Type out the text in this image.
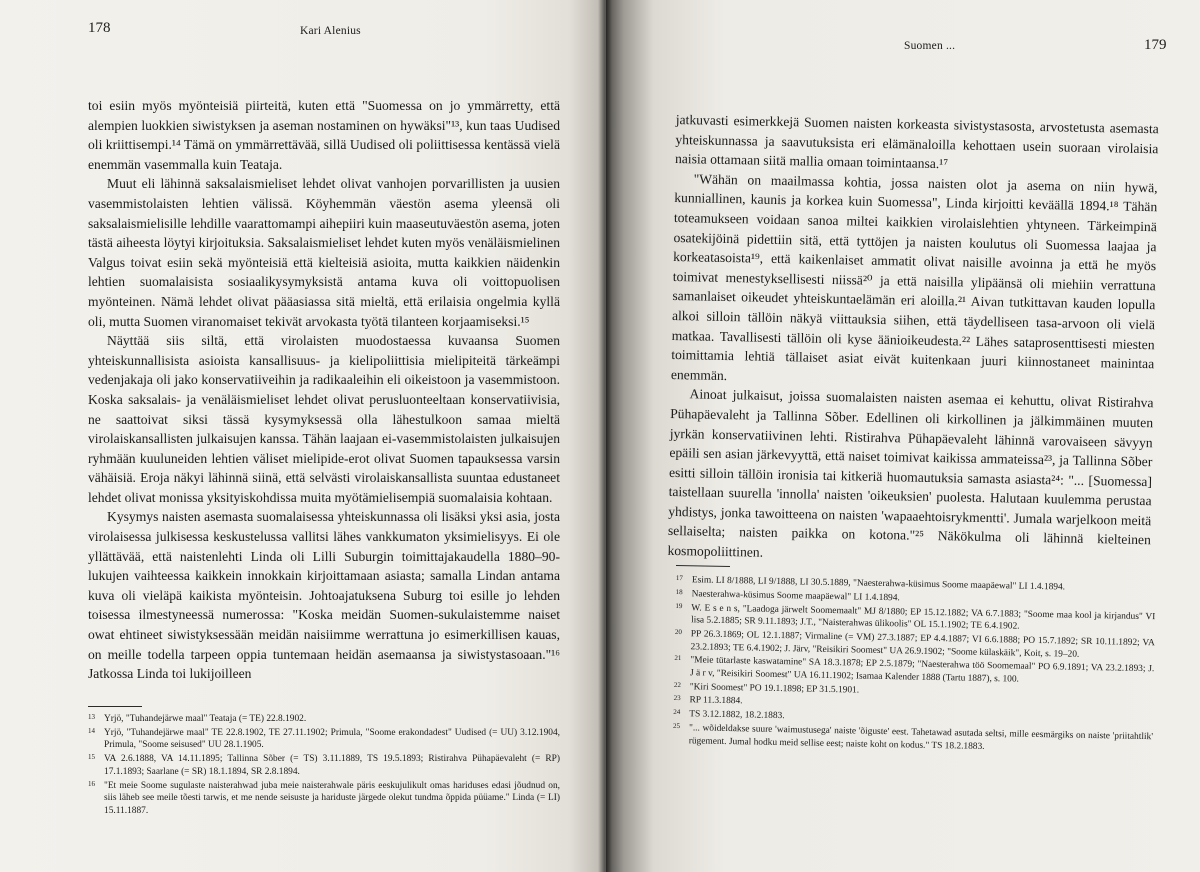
178	Kari Alenius

toi esiin myös myönteisiä piirteitä, kuten että "Suomessa on jo ymmärretty, että alempien luokkien siwistyksen ja aseman nostaminen on hywäksi"¹³, kun taas Uudised oli kriittisempi.¹⁴ Tämä on ymmärrettävää, sillä Uudised oli poliittisessa kentässä vielä enemmän vasemmalla kuin Teataja.

Muut eli lähinnä saksalaismieliset lehdet olivat vanhojen porvarillisten ja uusien vasemmistolaisten lehtien välissä. Köyhemmän väestön asema yleensä oli saksalaismielisille lehdille vaarattomampi aihepiiri kuin maaseutuväestön asema, joten tästä aiheesta löytyi kirjoituksia. Saksalaismieliset lehdet kuten myös venäläismielinen Valgus toivat esiin sekä myönteisiä että kielteisiä asioita, mutta kaikkien näidenkin lehtien suomalaisista sosiaalikysymyksistä antama kuva oli voittopuolisen myönteinen. Nämä lehdet olivat pääasiassa sitä mieltä, että erilaisia ongelmia kyllä oli, mutta Suomen viranomaiset tekivät arvokasta työtä tilanteen korjaamiseksi.¹⁵

Näyttää siis siltä, että virolaisten muodostaessa kuvaansa Suomen yhteiskunnallisista asioista kansallisuus- ja kielipoliittisia mielipiteitä tärkeämpi vedenjakaja oli jako konservatiiveihin ja radikaaleihin eli oikeistoon ja vasemmistoon. Koska saksalais- ja venäläismieliset lehdet olivat perusluonteeltaan konservatiivisia, ne saattoivat siksi tässä kysymyksessä olla lähestulkoon samaa mieltä virolaiskansallisten julkaisujen kanssa. Tähän laajaan ei-vasemmistolaisten julkaisujen ryhmään kuuluneiden lehtien väliset mielipide-erot olivat Suomen tapauksessa varsin vähäisiä. Eroja näkyi lähinnä siinä, että selvästi virolaiskansallista suuntaa edustaneet lehdet olivat monissa yksityiskohdissa muita myötämielisempiä suomalaisia kohtaan.

Kysymys naisten asemasta suomalaisessa yhteiskunnassa oli lisäksi yksi asia, josta virolaisessa julkisessa keskustelussa vallitsi lähes vankkumaton yksimielisyys. Ei ole yllättävää, että naistenlehti Linda oli Lilli Suburgin toimittajakaudella 1880–90-lukujen vaihteessa kaikkein innokkain kirjoittamaan asiasta; samalla Lindan antama kuva oli vieläpä kaikista myönteisin. Johtoajatuksena Suburg toi esille jo lehden toisessa ilmestyneessä numerossa: "Koska meidän Suomen-sukulaistemme naiset owat ehtineet siwistyksessään meidän naisiimme werrattuna jo esimerkillisen kauas, on meille todella tarpeen oppia tuntemaan heidän asemaansa ja siwistystasoaan."¹⁶ Jatkossa Linda toi lukijoilleen

13 Yrjö, "Tuhandejärwe maal" Teataja (= TE) 22.8.1902.
14 Yrjö, "Tuhandejärwe maal" TE 22.8.1902, TE 27.11.1902; Primula, "Soome erakondadest" Uudised (= UU) 3.12.1904, Primula, "Soome seisused" UU 28.1.1905.
15 VA 2.6.1888, VA 14.11.1895; Tallinna Sõber (= TS) 3.11.1889, TS 19.5.1893; Ristirahva Pühapäevaleht (= RP) 17.1.1893; Saarlane (= SR) 18.1.1894, SR 2.8.1894.
16 "Et meie Soome sugulaste naisterahwad juba meie naisterahwale päris eeskujulikult omas hariduses edasi jõudnud on, siis läheb see meile tõesti tarwis, et me nende seisuste ja hariduste järgede olekut tundma õppida püüame." Linda (= LI) 15.11.1887.
Suomen ...	179

jatkuvasti esimerkkejä Suomen naisten korkeasta sivistystasosta, arvostetusta asemasta yhteiskunnassa ja saavutuksista eri elämänaloilla kehottaen usein suoraan virolaisia naisia ottamaan siitä mallia omaan toimintaansa.¹⁷

"Wähän on maailmassa kohtia, jossa naisten olot ja asema on niin hywä, kunniallinen, kaunis ja korkea kuin Suomessa", Linda kirjoitti keväällä 1894.¹⁸ Tähän toteamukseen voidaan sanoa miltei kaikkien virolaislehtien yhtyneen. Tärkeimpinä osatekijöinä pidettiin sitä, että tyttöjen ja naisten koulutus oli Suomessa laajaa ja korkeatasoista¹⁹, että kaikenlaiset ammatit olivat naisille avoinna ja että he myös toimivat menestyksellisesti niissä²⁰ ja että naisilla ylipäänsä oli miehiin verrattuna samanlaiset oikeudet yhteiskuntaelämän eri aloilla.²¹ Aivan tutkittavan kauden lopulla alkoi silloin tällöin näkyä viittauksia siihen, että täydelliseen tasa-arvoon oli vielä matkaa. Tavallisesti tällöin oli kyse äänioikeudesta.²² Lähes sataprosenttisesti miesten toimittamia lehtiä tällaiset asiat eivät kuitenkaan juuri kiinnostaneet mainintaa enemmän.

Ainoat julkaisut, joissa suomalaisten naisten asemaa ei kehuttu, olivat Ristirahva Pühapäevaleht ja Tallinna Sõber. Edellinen oli kirkollinen ja jälkimmäinen muuten jyrkän konservatiivinen lehti. Ristirahva Pühapäevaleht lähinnä varovaiseen sävyyn epäili sen asian järkevyyttä, että naiset toimivat kaikissa ammateissa²³, ja Tallinna Sõber esitti silloin tällöin ironisia tai kitkeriä huomautuksia samasta asiasta²⁴: "... [Suomessa] taistellaan suurella 'innolla' naisten 'oikeuksien' puolesta. Halutaan kuulemma perustaa yhdistys, jonka tawoitteena on naisten 'wapaaehtoisrykmentti'. Jumala warjelkoon meitä sellaiselta; naisten paikka on kotona."²⁵ Näkökulma oli lähinnä kielteinen kosmopoliittinen.

17 Esim. LI 8/1888, LI 9/1888, LI 30.5.1889, "Naesterahwa-küsimus Soome maapäewal" LI 1.4.1894.
18 Naesterahwa-küsimus Soome maapäewal" LI 1.4.1894.
19 W. E s e n s, "Laadoga järwelt Soomemaalt" MJ 8/1880; EP 15.12.1882; VA 6.7.1883; "Soome maa kool ja kirjandus" VI lisa 5.2.1885; SR 9.11.1893; J.T., "Naisterahwas ülikoolis" OL 15.1.1902; TE 6.4.1902.
20 PP 26.3.1869; OL 12.1.1887; Virmaline (= VM) 27.3.1887; EP 4.4.1887; VI 6.6.1888; PO 15.7.1892; SR 10.11.1892; VA 23.2.1893; TE 6.4.1902; J. Järv, "Reisikiri Soomest" UA 26.9.1902; "Soome külaskäik", Koit, s. 19–20.
21 "Meie tütarlaste kaswatamine" SA 18.3.1878; EP 2.5.1879; "Naesterahwa töö Soomemaal" PO 6.9.1891; VA 23.2.1893; J. J ä r v, "Reisikiri Soomest" UA 16.11.1902; Isamaa Kalender 1888 (Tartu 1887), s. 100.
22 "Kiri Soomest" PO 19.1.1898; EP 31.5.1901.
23 RP 11.3.1884.
24 TS 3.12.1882, 18.2.1883.
25 "... wõideldakse suure 'waimustusega' naiste 'õiguste' eest. Tahetawad asutada seltsi, mille eesmärgiks on naiste 'priitahtlik' rügement. Jumal hodku meid sellise eest; naiste koht on kodus." TS 18.2.1883.
